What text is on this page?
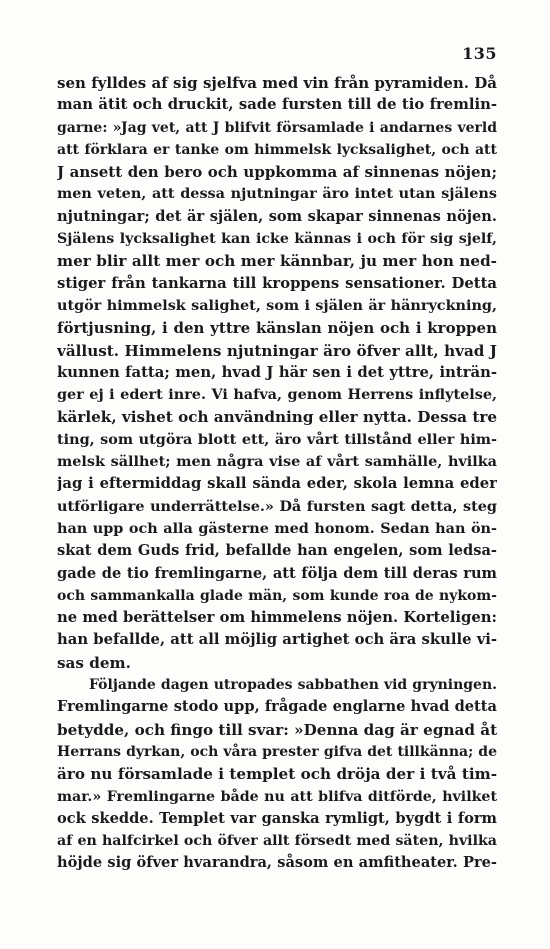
135
sen fylldes af sig sjelfva med vin från pyramiden. Då
man ätit och druckit, sade fursten till de tio fremlin-
garne: »Jag vet, att J blifvit församlade i andarnes verld
att förklara er tanke om himmelsk lycksalighet, och att
J ansett den bero och uppkomma af sinnenas nöjen;
men veten, att dessa njutningar äro intet utan själens
njutningar; det är själen, som skapar sinnenas nöjen.
Själens lycksalighet kan icke kännas i och för sig sjelf,
mer blir allt mer och mer kännbar, ju mer hon ned-
stiger från tankarna till kroppens sensationer. Detta
utgör himmelsk salighet, som i själen är hänryckning,
förtjusning, i den yttre känslan nöjen och i kroppen
vällust. Himmelens njutningar äro öfver allt, hvad J
kunnen fatta; men, hvad J här sen i det yttre, inträn-
ger ej i edert inre. Vi hafva, genom Herrens inflytelse,
kärlek, vishet och användning eller nytta. Dessa tre
ting, som utgöra blott ett, äro vårt tillstånd eller him-
melsk sällhet; men några vise af vårt samhälle, hvilka
jag i eftermiddag skall sända eder, skola lemna eder
utförligare underrättelse.» Då fursten sagt detta, steg
han upp och alla gästerne med honom. Sedan han ön-
skat dem Guds frid, befallde han engelen, som ledsa-
gade de tio fremlingarne, att följa dem till deras rum
och sammankalla glade män, som kunde roa de nykom-
ne med berättelser om himmelens nöjen. Korteligen:
han befallde, att all möjlig artighet och ära skulle vi-
sas dem.
Följande dagen utropades sabbathen vid gryningen.
Fremlingarne stodo upp, frågade englarne hvad detta
betydde, och fingo till svar: »Denna dag är egnad åt
Herrans dyrkan, och våra prester gifva det tillkänna; de
äro nu församlade i templet och dröja der i två tim-
mar.» Fremlingarne både nu att blifva ditförde, hvilket
ock skedde. Templet var ganska rymligt, bygdt i form
af en halfcirkel och öfver allt försedt med säten, hvilka
höjde sig öfver hvarandra, såsom en amfitheater. Pre-
